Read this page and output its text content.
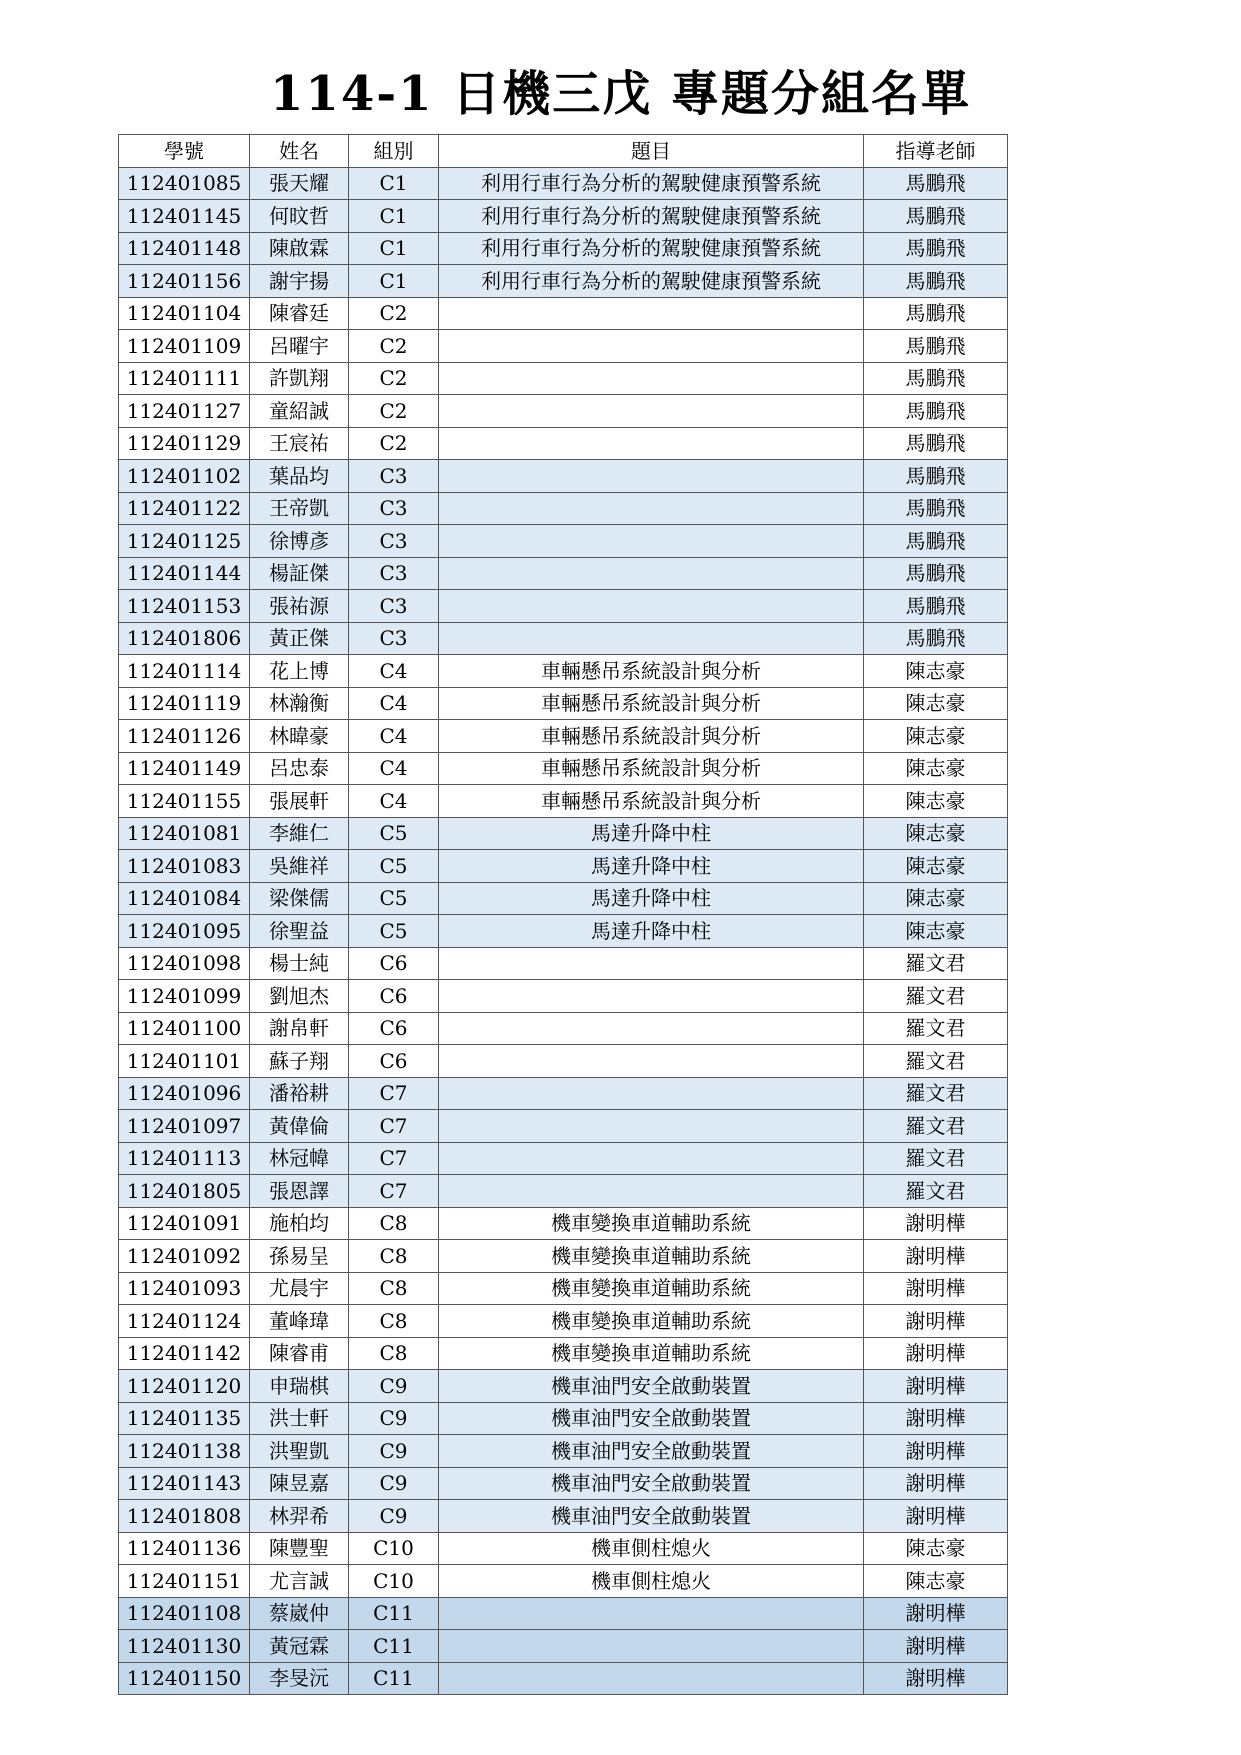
114-1 日機三戊 專題分組名單
學號	姓名	組別	題目	指導老師
112401085	張天耀	C1	利用行車行為分析的駕駛健康預警系統	馬鵬飛
112401145	何旼哲	C1	利用行車行為分析的駕駛健康預警系統	馬鵬飛
112401148	陳啟霖	C1	利用行車行為分析的駕駛健康預警系統	馬鵬飛
112401156	謝宇揚	C1	利用行車行為分析的駕駛健康預警系統	馬鵬飛
112401104	陳睿廷	C2		馬鵬飛
112401109	呂曜宇	C2		馬鵬飛
112401111	許凱翔	C2		馬鵬飛
112401127	童紹誠	C2		馬鵬飛
112401129	王宸祐	C2		馬鵬飛
112401102	葉品均	C3		馬鵬飛
112401122	王帝凱	C3		馬鵬飛
112401125	徐博彥	C3		馬鵬飛
112401144	楊証傑	C3		馬鵬飛
112401153	張祐源	C3		馬鵬飛
112401806	黃正傑	C3		馬鵬飛
112401114	花上博	C4	車輛懸吊系統設計與分析	陳志豪
112401119	林瀚衡	C4	車輛懸吊系統設計與分析	陳志豪
112401126	林暐豪	C4	車輛懸吊系統設計與分析	陳志豪
112401149	呂忠泰	C4	車輛懸吊系統設計與分析	陳志豪
112401155	張展軒	C4	車輛懸吊系統設計與分析	陳志豪
112401081	李維仁	C5	馬達升降中柱	陳志豪
112401083	吳維祥	C5	馬達升降中柱	陳志豪
112401084	梁傑儒	C5	馬達升降中柱	陳志豪
112401095	徐聖益	C5	馬達升降中柱	陳志豪
112401098	楊士純	C6		羅文君
112401099	劉旭杰	C6		羅文君
112401100	謝帛軒	C6		羅文君
112401101	蘇子翔	C6		羅文君
112401096	潘裕耕	C7		羅文君
112401097	黃偉倫	C7		羅文君
112401113	林冠幃	C7		羅文君
112401805	張恩譯	C7		羅文君
112401091	施柏均	C8	機車變換車道輔助系統	謝明樺
112401092	孫易呈	C8	機車變換車道輔助系統	謝明樺
112401093	尤晨宇	C8	機車變換車道輔助系統	謝明樺
112401124	董峰瑋	C8	機車變換車道輔助系統	謝明樺
112401142	陳睿甫	C8	機車變換車道輔助系統	謝明樺
112401120	申瑞棋	C9	機車油門安全啟動裝置	謝明樺
112401135	洪士軒	C9	機車油門安全啟動裝置	謝明樺
112401138	洪聖凱	C9	機車油門安全啟動裝置	謝明樺
112401143	陳昱嘉	C9	機車油門安全啟動裝置	謝明樺
112401808	林羿希	C9	機車油門安全啟動裝置	謝明樺
112401136	陳豐聖	C10	機車側柱熄火	陳志豪
112401151	尤言誠	C10	機車側柱熄火	陳志豪
112401108	蔡崴仲	C11		謝明樺
112401130	黃冠霖	C11		謝明樺
112401150	李旻沅	C11		謝明樺
